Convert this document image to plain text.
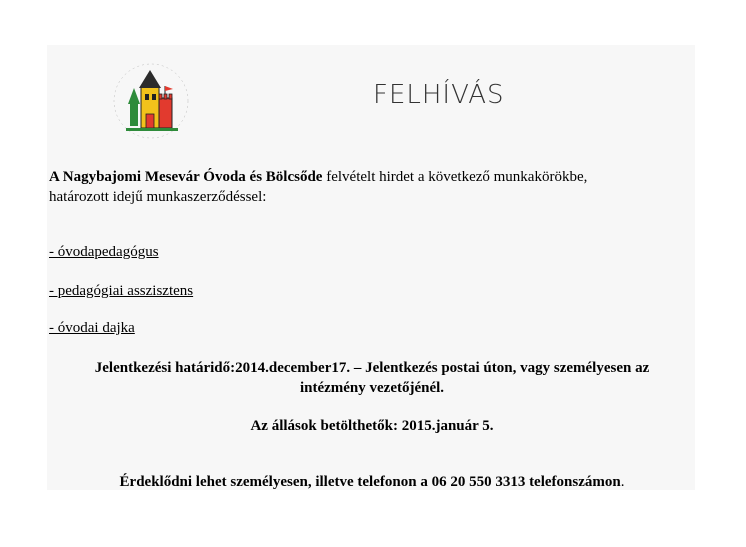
FELHÍVÁS
A Nagybajomi Mesevár Óvoda és Bölcsőde felvételt hirdet a következő munkakörökbe,
határozott idejű munkaszerződéssel:
- óvodapedagógus
- pedagógiai asszisztens
- óvodai dajka
Jelentkezési határidő:2014.december17. – Jelentkezés postai úton, vagy személyesen az
intézmény vezetőjénél.
Az állások betölthetők: 2015.január 5.
Érdeklődni lehet személyesen, illetve telefonon a 06 20 550 3313 telefonszámon.
